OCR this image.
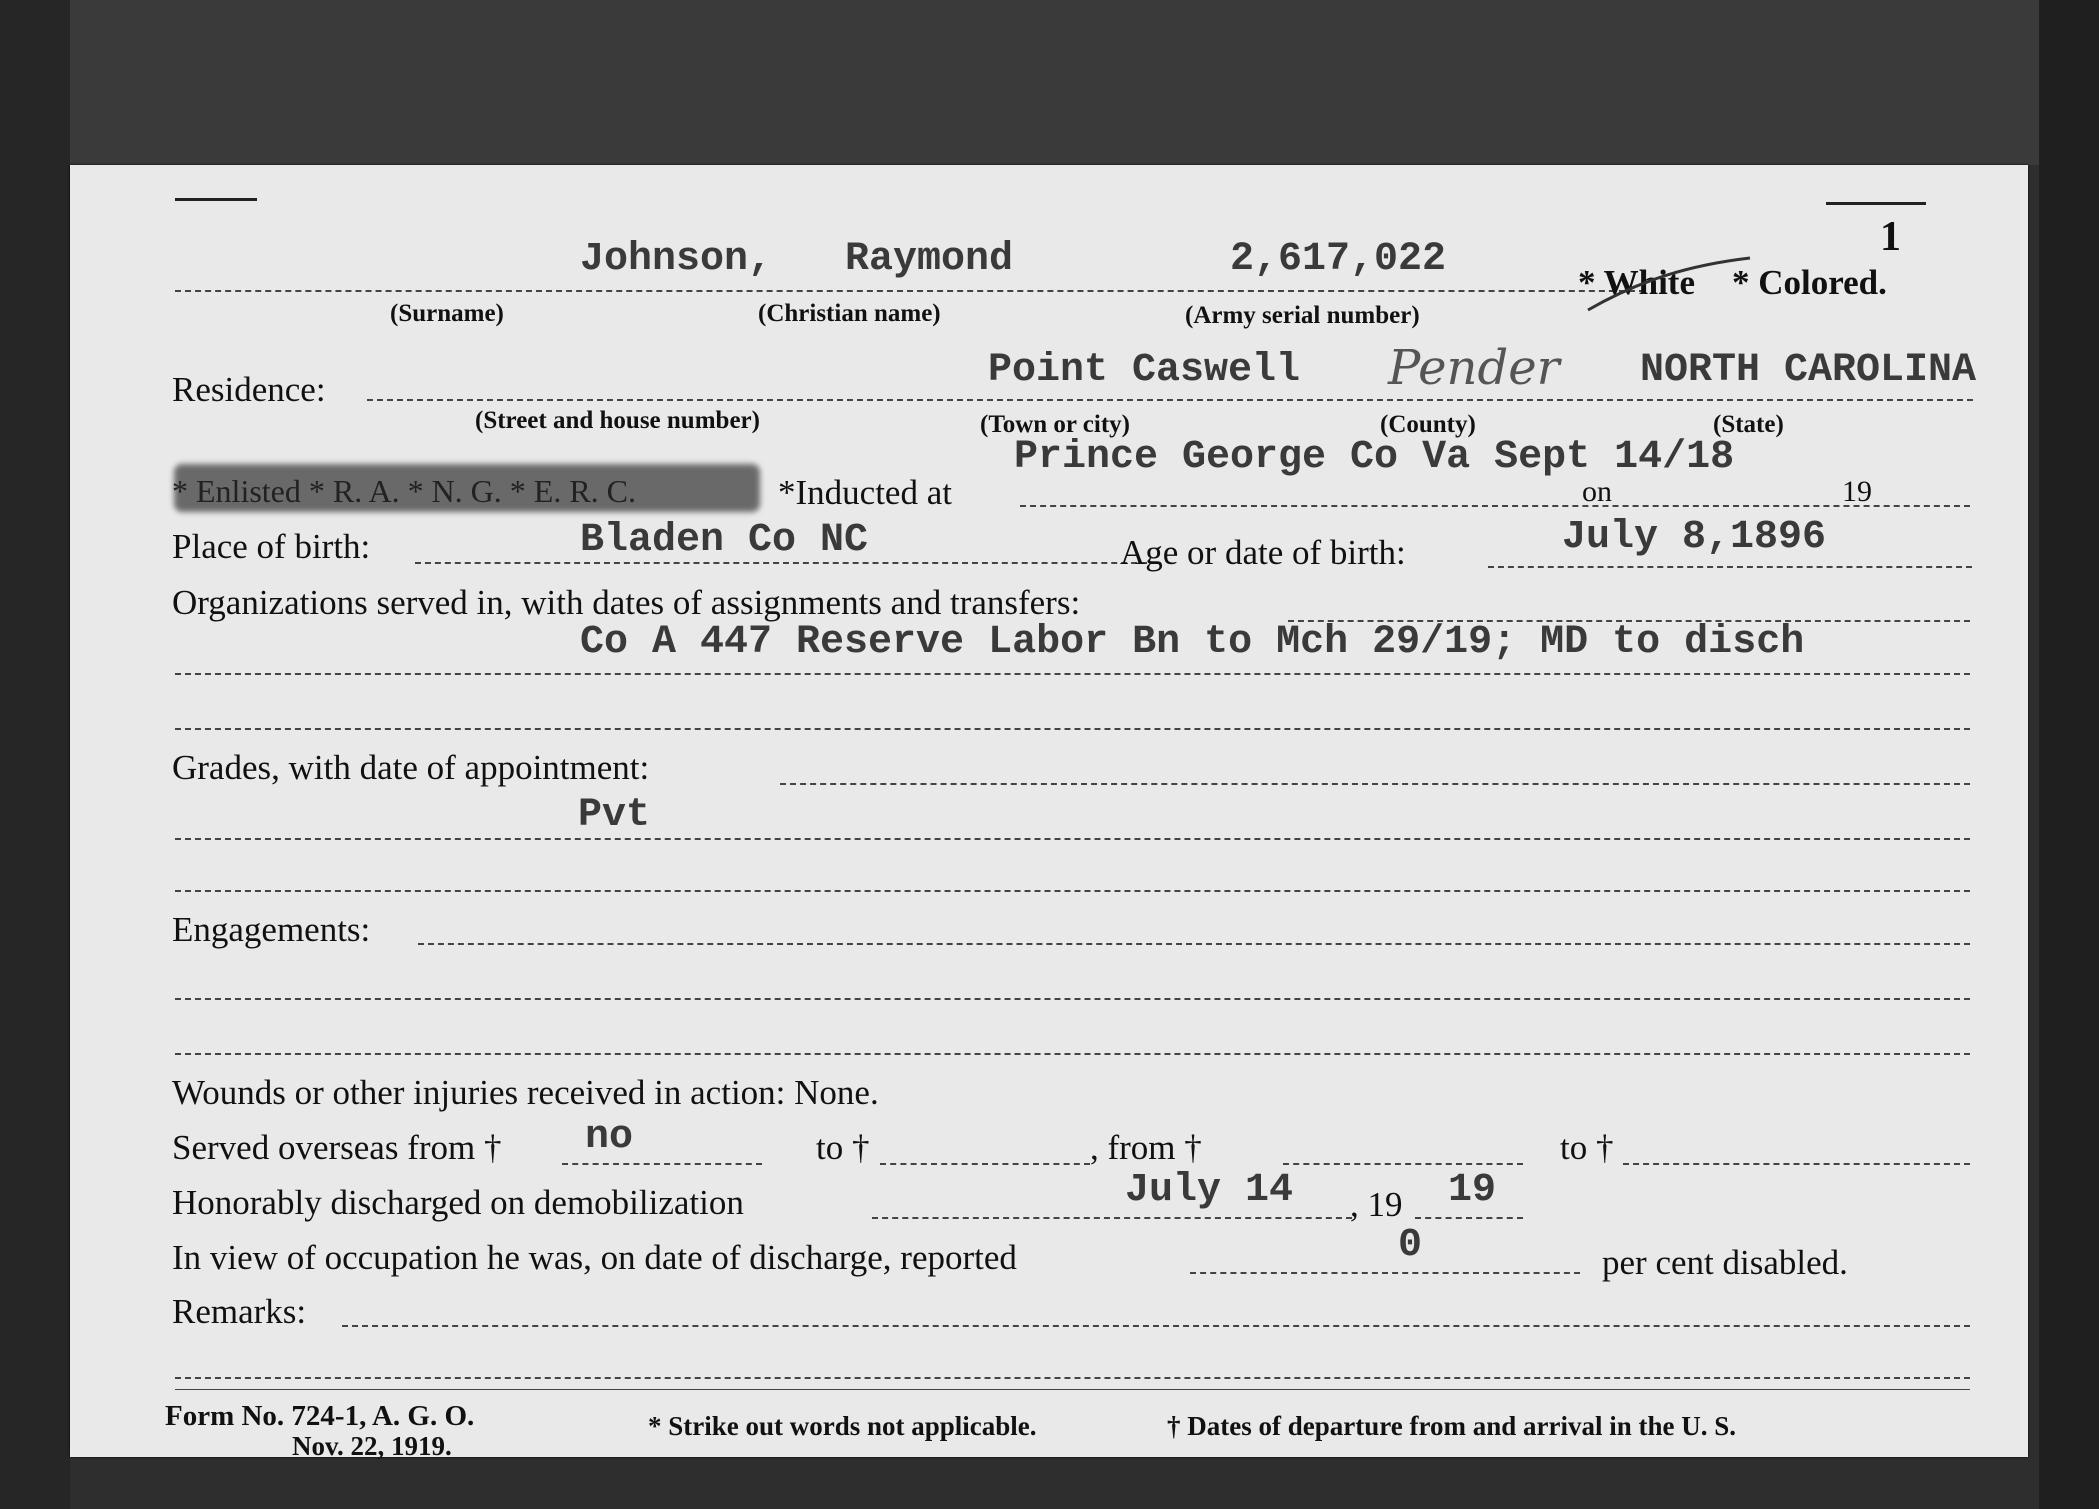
1
Johnson, Raymond	2,617,022
* White * Colored.
(Surname)	(Christian name)	(Army serial number)
Residence:	Point Caswell Pender NORTH CAROLINA
(Street and house number)	(Town or city)	(County)	(State)
* Enlisted * R. A. * N. G. * E. R. C.	*Inducted at
Prince George Co Va Sept 14/18
on	19
Place of birth:	Bladen Co NC	Age or date of birth:	July 8,1896
Organizations served in, with dates of assignments and transfers:
Co A 447 Reserve Labor Bn to Mch 29/19; MD to disch
Grades, with date of appointment:
Pvt
Engagements:
Wounds or other injuries received in action: None.
Served overseas from † no	to †	, from †	to †
Honorably discharged on demobilization	July 14 , 19 19
In view of occupation he was, on date of discharge, reported	0	per cent disabled.
Remarks:
Form No. 724-1, A. G. O.
Nov. 22, 1919.
* Strike out words not applicable.	† Dates of departure from and arrival in the U. S.
